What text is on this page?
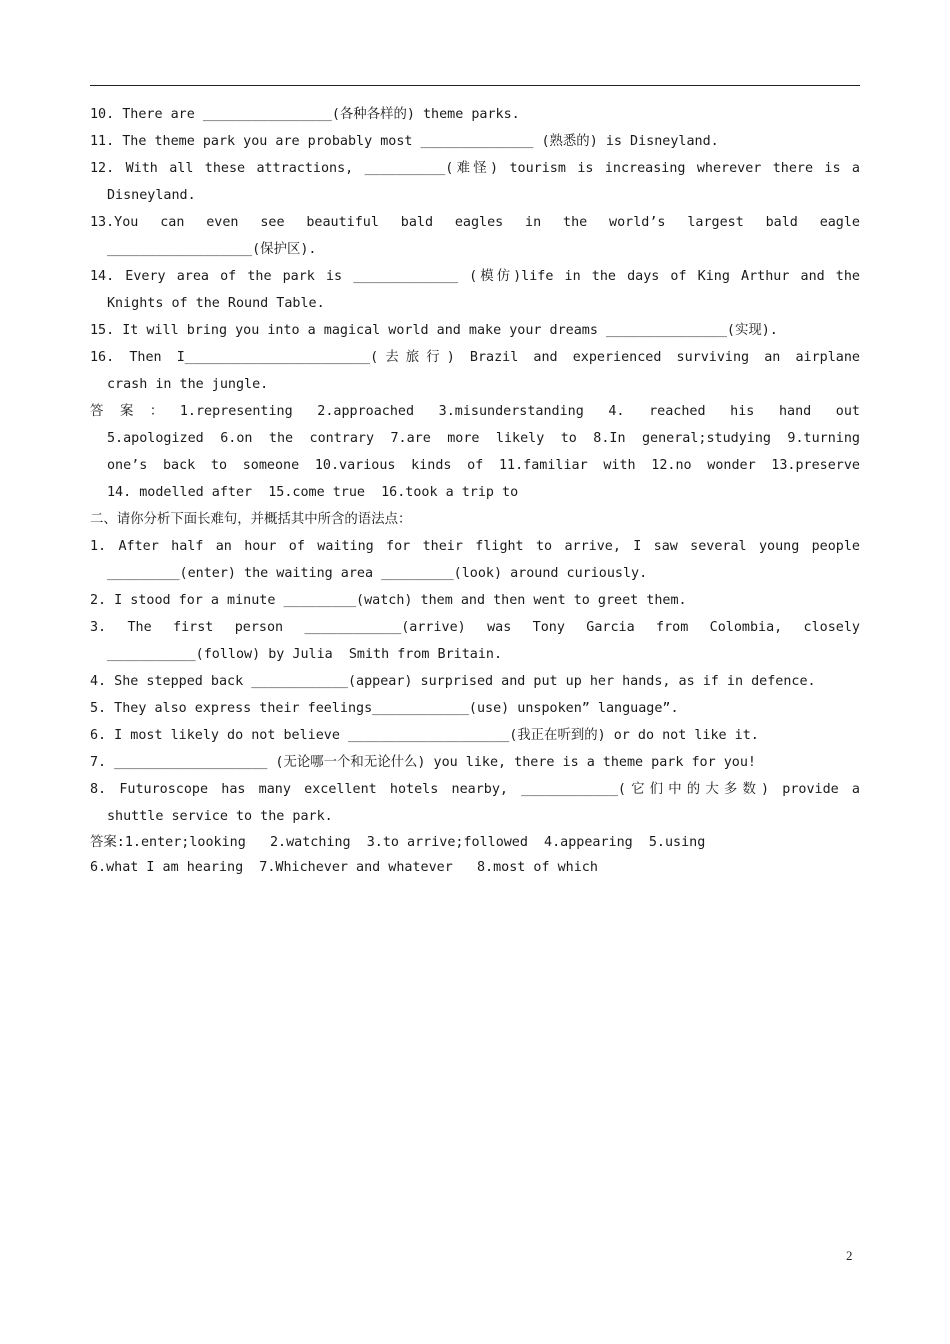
10. There are ________________(各种各样的) theme parks.
11. The theme park you are probably most ______________ (熟悉的) is Disneyland.
12. With all these attractions, __________(难怪) tourism is increasing wherever there is a
Disneyland.
13.You can even see beautiful bald eagles in the world’s largest bald eagle
__________________(保护区).
14. Every area of the park is _____________ (模仿)life in the days of King Arthur and the
Knights of the Round Table.
15. It will bring you into a magical world and make your dreams _______________(实现).
16. Then I_______________________(去旅行) Brazil and experienced surviving an airplane
crash in the jungle.
答案：1.representing 2.approached 3.misunderstanding 4. reached his hand out
5.apologized 6.on the contrary 7.are more likely to 8.In general;studying 9.turning
one’s back to someone 10.various kinds of 11.familiar with 12.no wonder 13.preserve
14. modelled after  15.come true  16.took a trip to
二、请你分析下面长难句，并概括其中所含的语法点：
1. After half an hour of waiting for their flight to arrive, I saw several young people
_________(enter) the waiting area _________(look) around curiously.
2. I stood for a minute _________(watch) them and then went to greet them.
3. The first person ____________(arrive) was Tony Garcia from Colombia, closely
___________(follow) by Julia  Smith from Britain.
4. She stepped back ____________(appear) surprised and put up her hands, as if in defence.
5. They also express their feelings____________(use) unspoken” language”.
6. I most likely do not believe ____________________(我正在听到的) or do not like it.
7. ___________________ (无论哪一个和无论什么) you like, there is a theme park for you!
8. Futuroscope has many excellent hotels nearby, ____________(它们中的大多数) provide a
shuttle service to the park.
答案:1.enter;looking   2.watching  3.to arrive;followed  4.appearing  5.using
6.what I am hearing  7.Whichever and whatever   8.most of which
2
